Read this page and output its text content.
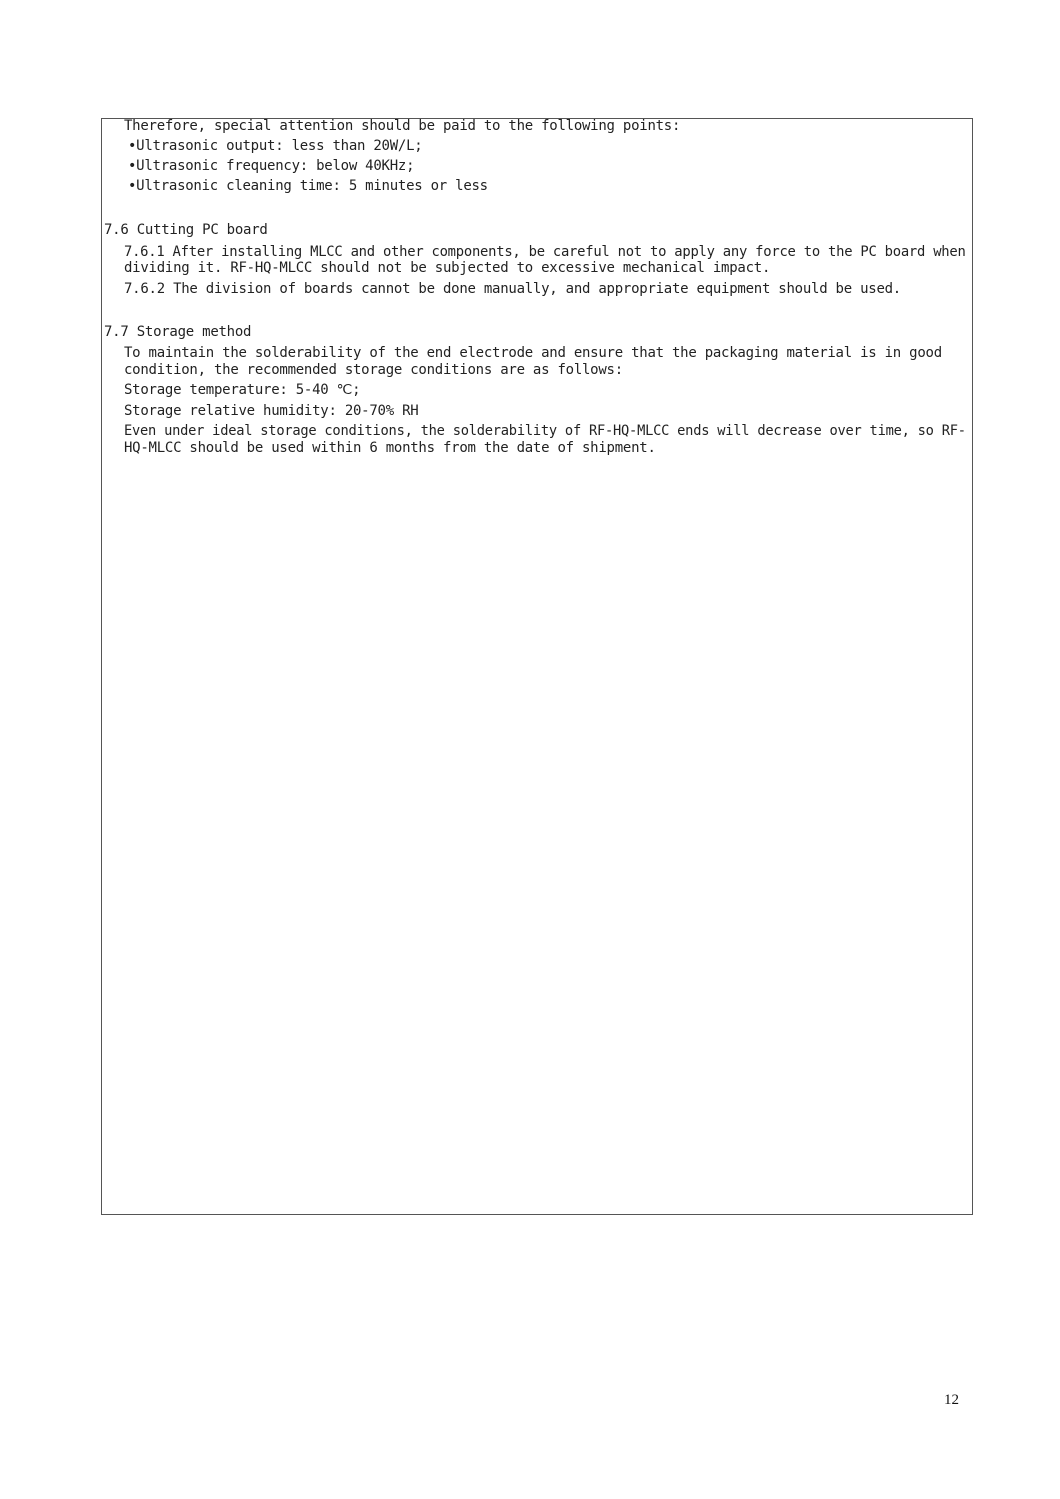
Therefore, special attention should be paid to the following points:
•Ultrasonic output: less than 20W/L;
•Ultrasonic frequency: below 40KHz;
•Ultrasonic cleaning time: 5 minutes or less
7.6 Cutting PC board
7.6.1 After installing MLCC and other components, be careful not to apply any force to the PC board when
dividing it. RF-HQ-MLCC should not be subjected to excessive mechanical impact.
7.6.2 The division of boards cannot be done manually, and appropriate equipment should be used.
7.7 Storage method
To maintain the solderability of the end electrode and ensure that the packaging material is in good
condition, the recommended storage conditions are as follows:
Storage temperature: 5-40 ℃;
Storage relative humidity: 20-70% RH
Even under ideal storage conditions, the solderability of RF-HQ-MLCC ends will decrease over time, so RF-
HQ-MLCC should be used within 6 months from the date of shipment.
12
